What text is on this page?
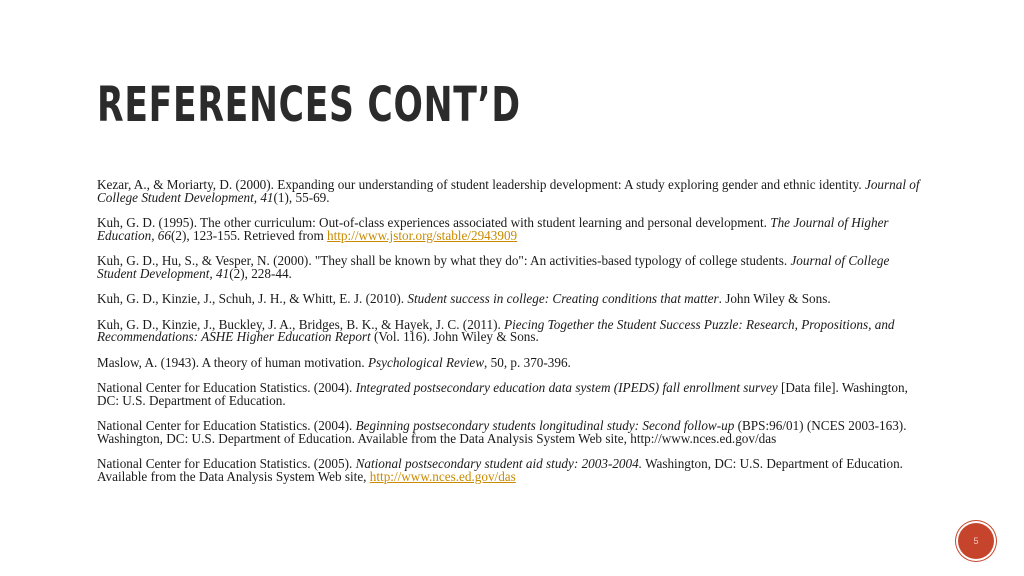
REFERENCES CONT’D

Kezar, A., & Moriarty, D. (2000). Expanding our understanding of student leadership development: A study exploring gender and ethnic identity. Journal of College Student Development, 41(1), 55-69.

Kuh, G. D. (1995). The other curriculum: Out-of-class experiences associated with student learning and personal development. The Journal of Higher Education, 66(2), 123-155. Retrieved from http://www.jstor.org/stable/2943909

Kuh, G. D., Hu, S., & Vesper, N. (2000). "They shall be known by what they do": An activities-based typology of college students. Journal of College Student Development, 41(2), 228-44.

Kuh, G. D., Kinzie, J., Schuh, J. H., & Whitt, E. J. (2010). Student success in college: Creating conditions that matter. John Wiley & Sons.

Kuh, G. D., Kinzie, J., Buckley, J. A., Bridges, B. K., & Hayek, J. C. (2011). Piecing Together the Student Success Puzzle: Research, Propositions, and Recommendations: ASHE Higher Education Report (Vol. 116). John Wiley & Sons.

Maslow, A. (1943). A theory of human motivation. Psychological Review, 50, p. 370-396.

National Center for Education Statistics. (2004). Integrated postsecondary education data system (IPEDS) fall enrollment survey [Data file]. Washington, DC: U.S. Department of Education.

National Center for Education Statistics. (2004). Beginning postsecondary students longitudinal study: Second follow-up (BPS:96/01) (NCES 2003-163). Washington, DC: U.S. Department of Education. Available from the Data Analysis System Web site, http://www.nces.ed.gov/das

National Center for Education Statistics. (2005). National postsecondary student aid study: 2003-2004. Washington, DC: U.S. Department of Education. Available from the Data Analysis System Web site, http://www.nces.ed.gov/das

5
